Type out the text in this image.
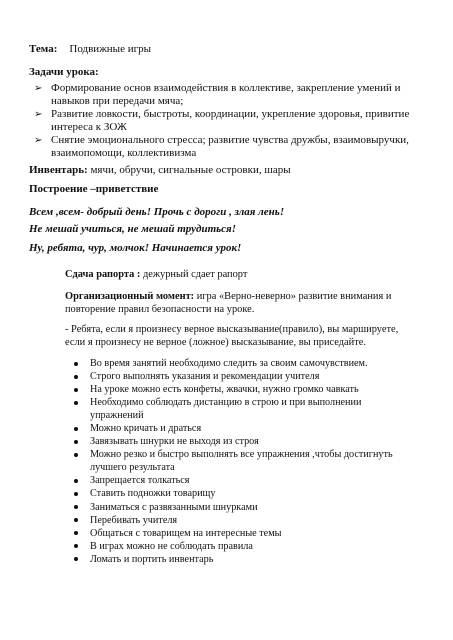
Тема: Подвижные игры
Задачи урока:
➢ Формирование основ взаимодействия в коллективе, закрепление умений и
навыков при передачи мяча;
➢ Развитие ловкости, быстроты, координации, укрепление здоровья, привитие
интереса к ЗОЖ
➢ Снятие эмоционального стресса; развитие чувства дружбы, взаимовыручки,
взаимопомощи, коллективизма
Инвентарь: мячи, обручи, сигнальные островки, шары
Построение –приветствие
Всем ,всем- добрый день! Прочь с дороги , злая лень!
Не мешай учиться, не мешай трудиться!
Ну, ребята, чур, молчок! Начинается урок!
Сдача рапорта : дежурный сдает рапорт
Организационный момент: игра «Верно-неверно» развитие внимания и
повторение правил безопасности на уроке.
- Ребята, если я произнесу верное высказывание(правило), вы маршируете,
если я произнесу не верное (ложное) высказывание, вы приседайте.
Во время занятий необходимо следить за своим самочувствием.
Строго выполнять указания и рекомендации учителя
На уроке можно есть конфеты, жвачки, нужно громко чавкать
Необходимо соблюдать дистанцию в строю и при выполнении упражнений
Можно кричать и драться
Завязывать шнурки не выходя из строя
Можно резко и быстро выполнять все упражнения ,чтобы достигнуть лучшего результата
Запрещается толкаться
Ставить подножки товарищу
Заниматься с развязанными шнурками
Перебивать учителя
Общаться с товарищем на интересные темы
В играх можно не соблюдать правила
Ломать и портить инвентарь
